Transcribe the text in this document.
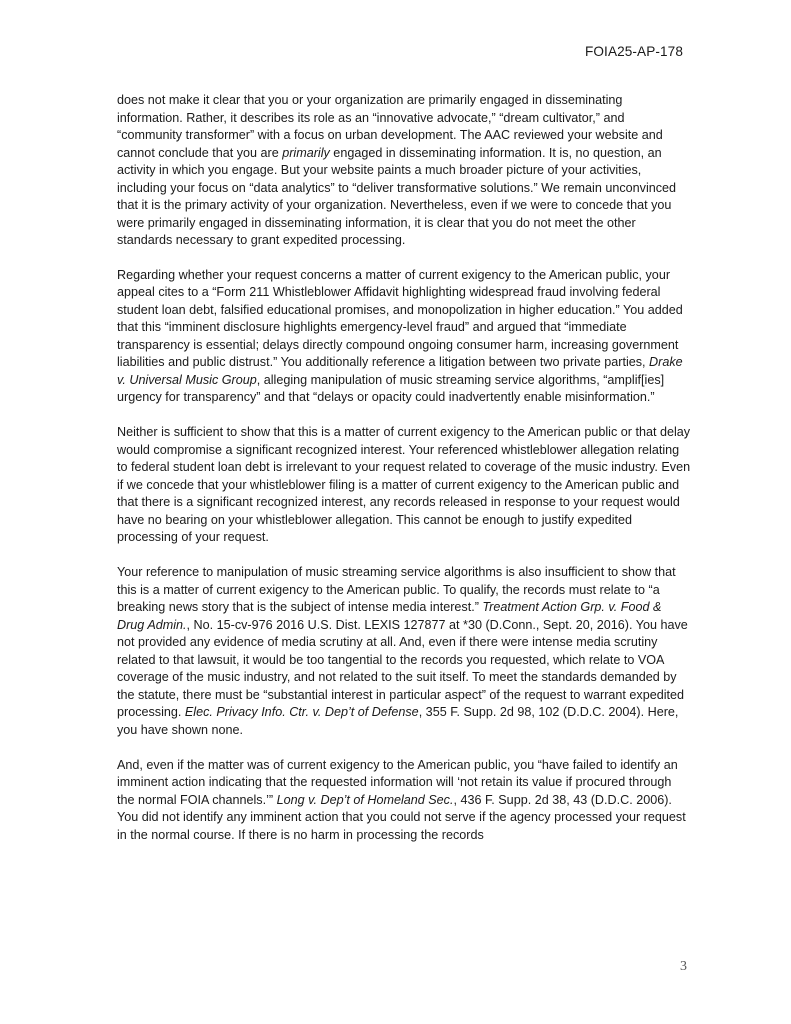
FOIA25-AP-178

does not make it clear that you or your organization are primarily engaged in disseminating information. Rather, it describes its role as an “innovative advocate,” “dream cultivator,” and “community transformer” with a focus on urban development. The AAC reviewed your website and cannot conclude that you are primarily engaged in disseminating information. It is, no question, an activity in which you engage. But your website paints a much broader picture of your activities, including your focus on “data analytics” to “deliver transformative solutions.” We remain unconvinced that it is the primary activity of your organization. Nevertheless, even if we were to concede that you were primarily engaged in disseminating information, it is clear that you do not meet the other standards necessary to grant expedited processing.

Regarding whether your request concerns a matter of current exigency to the American public, your appeal cites to a “Form 211 Whistleblower Affidavit highlighting widespread fraud involving federal student loan debt, falsified educational promises, and monopolization in higher education.” You added that this “imminent disclosure highlights emergency-level fraud” and argued that “immediate transparency is essential; delays directly compound ongoing consumer harm, increasing government liabilities and public distrust.” You additionally reference a litigation between two private parties, Drake v. Universal Music Group, alleging manipulation of music streaming service algorithms, “amplif[ies] urgency for transparency” and that “delays or opacity could inadvertently enable misinformation.”

Neither is sufficient to show that this is a matter of current exigency to the American public or that delay would compromise a significant recognized interest. Your referenced whistleblower allegation relating to federal student loan debt is irrelevant to your request related to coverage of the music industry. Even if we concede that your whistleblower filing is a matter of current exigency to the American public and that there is a significant recognized interest, any records released in response to your request would have no bearing on your whistleblower allegation. This cannot be enough to justify expedited processing of your request.

Your reference to manipulation of music streaming service algorithms is also insufficient to show that this is a matter of current exigency to the American public. To qualify, the records must relate to “a breaking news story that is the subject of intense media interest.” Treatment Action Grp. v. Food & Drug Admin., No. 15-cv-976 2016 U.S. Dist. LEXIS 127877 at *30 (D.Conn., Sept. 20, 2016). You have not provided any evidence of media scrutiny at all. And, even if there were intense media scrutiny related to that lawsuit, it would be too tangential to the records you requested, which relate to VOA coverage of the music industry, and not related to the suit itself. To meet the standards demanded by the statute, there must be “substantial interest in particular aspect” of the request to warrant expedited processing. Elec. Privacy Info. Ctr. v. Dep’t of Defense, 355 F. Supp. 2d 98, 102 (D.D.C. 2004). Here, you have shown none.

And, even if the matter was of current exigency to the American public, you “have failed to identify an imminent action indicating that the requested information will ‘not retain its value if procured through the normal FOIA channels.’” Long v. Dep’t of Homeland Sec., 436 F. Supp. 2d 38, 43 (D.D.C. 2006). You did not identify any imminent action that you could not serve if the agency processed your request in the normal course. If there is no harm in processing the records

3
